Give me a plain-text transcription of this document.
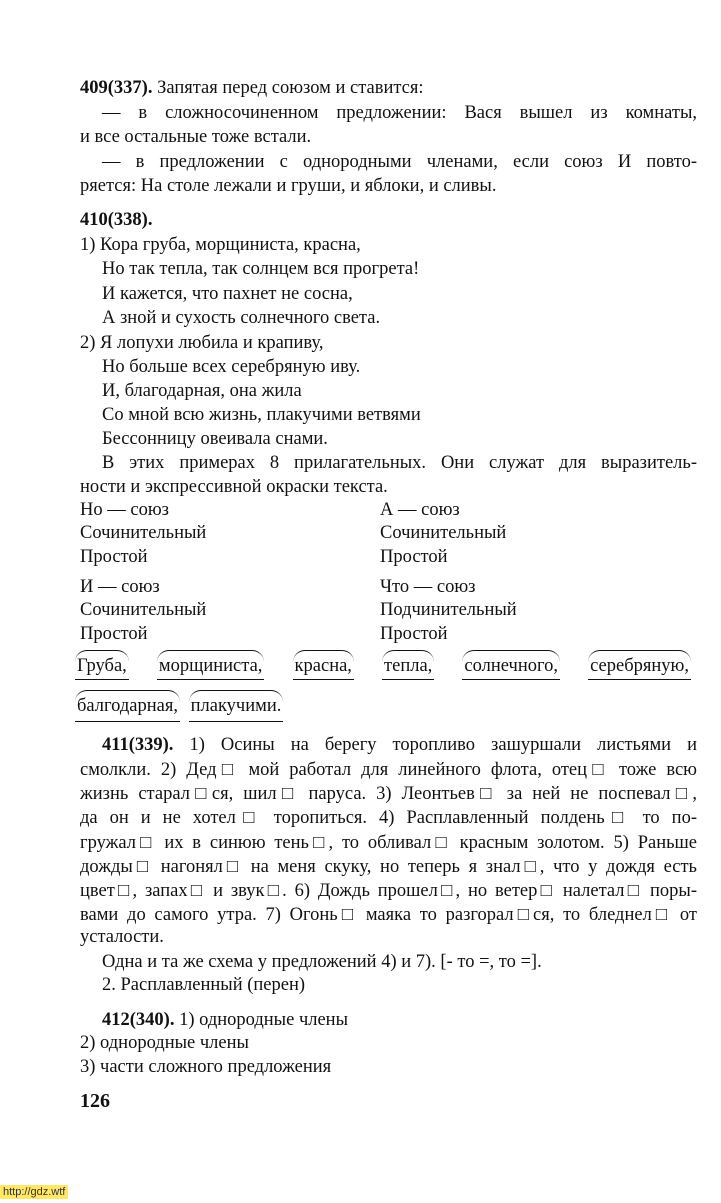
409(337). Запятая перед союзом и ставится:
— в сложносочиненном предложении: Вася вышел из комнаты,
и все остальные тоже встали.
— в предложении с однородными членами, если союз И повто-
ряется: На столе лежали и груши, и яблоки, и сливы.
410(338).
1) Кора груба, морщиниста, красна,
Но так тепла, так солнцем вся прогрета!
И кажется, что пахнет не сосна,
А зной и сухость солнечного света.
2) Я лопухи любила и крапиву,
Но больше всех серебряную иву.
И, благодарная, она жила
Со мной всю жизнь, плакучими ветвями
Бессонницу овеивала снами.
В этих примерах 8 прилагательных. Они служат для выразитель-
ности и экспрессивной окраски текста.
Но — союз
Сочинительный
Простой
И — союз
Сочинительный
Простой
А — союз
Сочинительный
Простой
Что — союз
Подчинительный
Простой
Груба, морщиниста, красна, тепла, солнечного, серебряную,
балгодарная, плакучими.
411(339). 1) Осины на берегу торопливо зашуршали листьями и
смолкли. 2) Дед□ мой работал для линейного флота, отец□ тоже всю
жизнь старал□ся, шил□ паруса. 3) Леонтьев□ за ней не поспевал□,
да он и не хотел□ торопиться. 4) Расплавленный полдень□ то по-
гружал□ их в синюю тень□, то обливал□ красным золотом. 5) Раньше
дожды□ нагонял□ на меня скуку, но теперь я знал□, что у дождя есть
цвет□, запах□ и звук□. 6) Дождь прошел□, но ветер□ налетал□ поры-
вами до самого утра. 7) Огонь□ маяка то разгорал□ся, то бледнел□ от
усталости.
Одна и та же схема у предложений 4) и 7). [- то =, то =].
2. Расплавленный (перен)
412(340). 1) однородные члены
2) однородные члены
3) части сложного предложения
126
http://gdz.wtf
